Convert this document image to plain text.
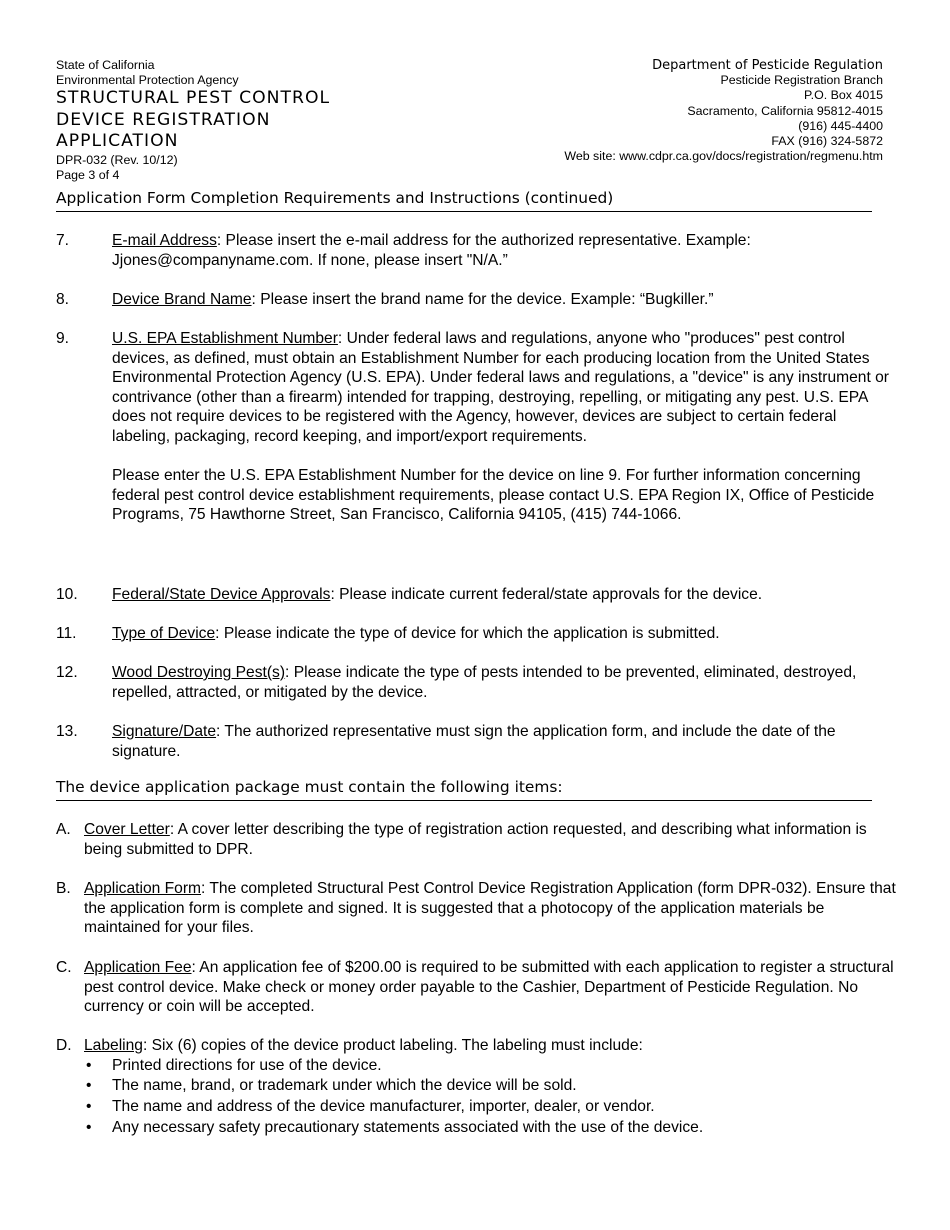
State of California
Environmental Protection Agency
STRUCTURAL PEST CONTROL
DEVICE REGISTRATION
APPLICATION
DPR-032 (Rev. 10/12)
Page 3 of 4
Department of Pesticide Regulation
Pesticide Registration Branch
P.O. Box 4015
Sacramento, California 95812-4015
(916) 445-4400
FAX (916) 324-5872
Web site: www.cdpr.ca.gov/docs/registration/regmenu.htm
Application Form Completion Requirements and Instructions (continued)
7.	E-mail Address: Please insert the e-mail address for the authorized representative. Example: Jjones@companyname.com. If none, please insert "N/A.”
8.	Device Brand Name: Please insert the brand name for the device. Example: “Bugkiller.”
9.	U.S. EPA Establishment Number: Under federal laws and regulations, anyone who "produces" pest control devices, as defined, must obtain an Establishment Number for each producing location from the United States Environmental Protection Agency (U.S. EPA). Under federal laws and regulations, a "device" is any instrument or contrivance (other than a firearm) intended for trapping, destroying, repelling, or mitigating any pest. U.S. EPA does not require devices to be registered with the Agency, however, devices are subject to certain federal labeling, packaging, record keeping, and import/export requirements.
Please enter the U.S. EPA Establishment Number for the device on line 9. For further information concerning federal pest control device establishment requirements, please contact U.S. EPA Region IX, Office of Pesticide Programs, 75 Hawthorne Street, San Francisco, California 94105, (415) 744-1066.
10. Federal/State Device Approvals: Please indicate current federal/state approvals for the device.
11. Type of Device: Please indicate the type of device for which the application is submitted.
12. Wood Destroying Pest(s): Please indicate the type of pests intended to be prevented, eliminated, destroyed, repelled, attracted, or mitigated by the device.
13. Signature/Date: The authorized representative must sign the application form, and include the date of the signature.
The device application package must contain the following items:
A. Cover Letter: A cover letter describing the type of registration action requested, and describing what information is being submitted to DPR.
B. Application Form: The completed Structural Pest Control Device Registration Application (form DPR-032). Ensure that the application form is complete and signed. It is suggested that a photocopy of the application materials be maintained for your files.
C. Application Fee: An application fee of $200.00 is required to be submitted with each application to register a structural pest control device. Make check or money order payable to the Cashier, Department of Pesticide Regulation. No currency or coin will be accepted.
D. Labeling: Six (6) copies of the device product labeling. The labeling must include:
• Printed directions for use of the device.
• The name, brand, or trademark under which the device will be sold.
• The name and address of the device manufacturer, importer, dealer, or vendor.
• Any necessary safety precautionary statements associated with the use of the device.
